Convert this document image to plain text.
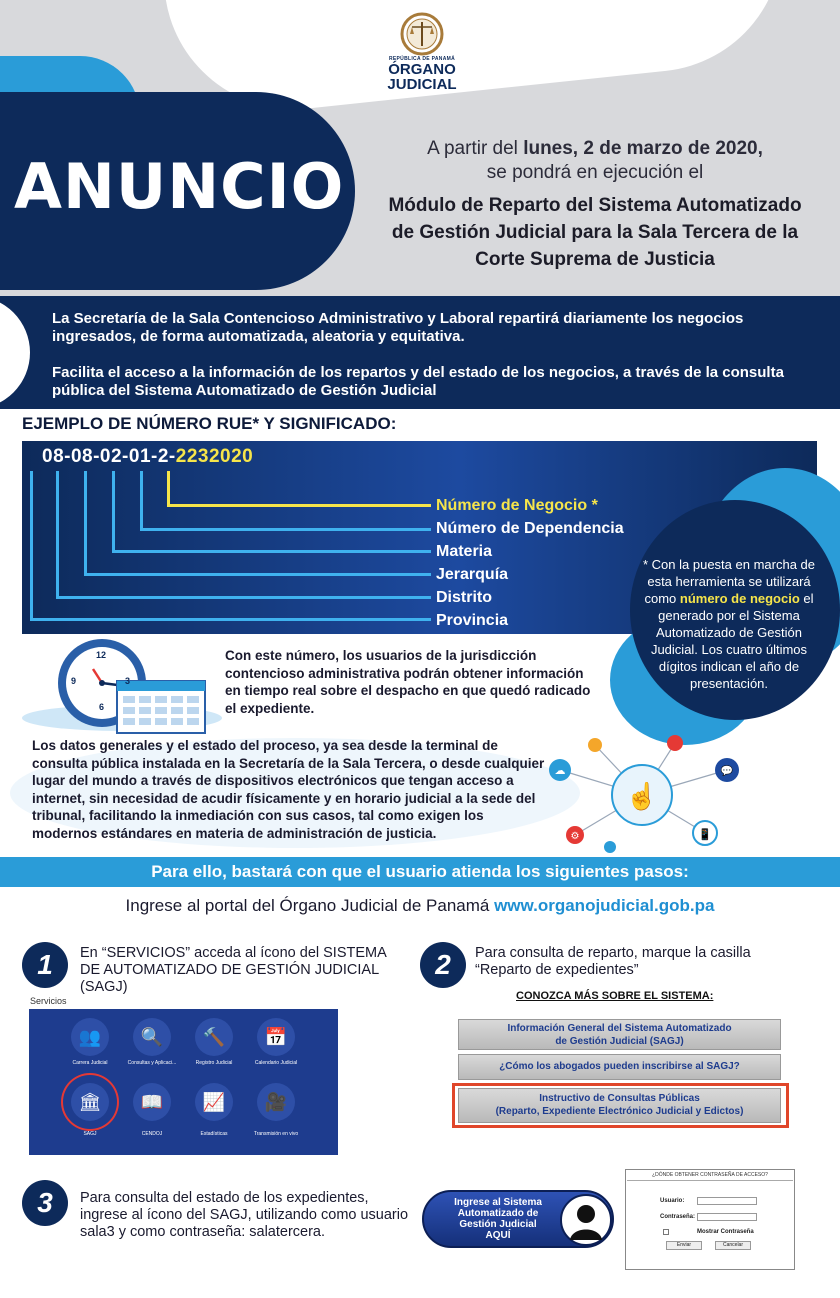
ANUNCIO
REPÚBLICA DE PANAMÁ
ÓRGANO
JUDICIAL
A partir del lunes, 2 de marzo de 2020,
se pondrá en ejecución el
Módulo de Reparto del Sistema Automatizado
de Gestión Judicial para la Sala Tercera de la
Corte Suprema de Justicia
La Secretaría de la Sala Contencioso Administrativo y Laboral repartirá diariamente los negocios ingresados, de forma automatizada, aleatoria y equitativa.
Facilita el acceso a la información de los repartos y del estado de los negocios, a través de la consulta pública del Sistema Automatizado de Gestión Judicial
EJEMPLO DE NÚMERO RUE* Y SIGNIFICADO:
08-08-02-01-2-2232020
Número de Negocio *
Número de Dependencia
Materia
Jerarquía
Distrito
Provincia
* Con la puesta en marcha de esta herramienta se utilizará como número de negocio el generado por el Sistema Automatizado de Gestión Judicial. Los cuatro últimos dígitos indican el año de presentación.
12
3
6
9
Con este número, los usuarios de la jurisdicción contencioso administrativa podrán obtener información en tiempo real sobre el despacho en que quedó radicado el expediente.
Los datos generales y el estado del proceso, ya sea desde la terminal de consulta pública instalada en la Secretaría de la Sala Tercera, o desde cualquier lugar del mundo a través de dispositivos electrónicos que tengan acceso a internet, sin necesidad de acudir físicamente y en horario judicial a la sede del tribunal, facilitando la inmediación con sus casos, tal como exigen los modernos estándares en materia de administración de justicia.
☝
☁	💬
📱
⚙
Para ello, bastará con que el usuario atienda los siguientes pasos:
Ingrese al portal del Órgano Judicial de Panamá www.organojudicial.gob.pa
1	En “SERVICIOS” acceda al ícono del SISTEMA DE AUTOMATIZADO DE GESTIÓN JUDICIAL (SAGJ)
Servicios
👥
Carrera Judicial
🔍
Consultas y Aplicaci...
🔨
Registro Judicial
📅
Calendario Judicial
🏛
SAGJ
📖
CENDOJ
📈
Estadísticas
🎥
Transmisión en vivo
2	Para consulta de reparto, marque la casilla “Reparto de expedientes”
CONOZCA MÁS SOBRE EL SISTEMA:
Información General del Sistema Automatizado
de Gestión Judicial (SAGJ)
¿Cómo los abogados pueden inscribirse al SAGJ?
Instructivo de Consultas Públicas
(Reparto, Expediente Electrónico Judicial y Edictos)
3	Para consulta del estado de los expedientes, ingrese al ícono del SAGJ, utilizando como usuario sala3 y como contraseña: salatercera.
Ingrese al Sistema
Automatizado de
Gestión Judicial
AQUÍ
¿DÓNDE OBTENER CONTRASEÑA DE ACCESO?
Usuario:
Contraseña:
Mostrar Contraseña
Enviar	Cancelar
